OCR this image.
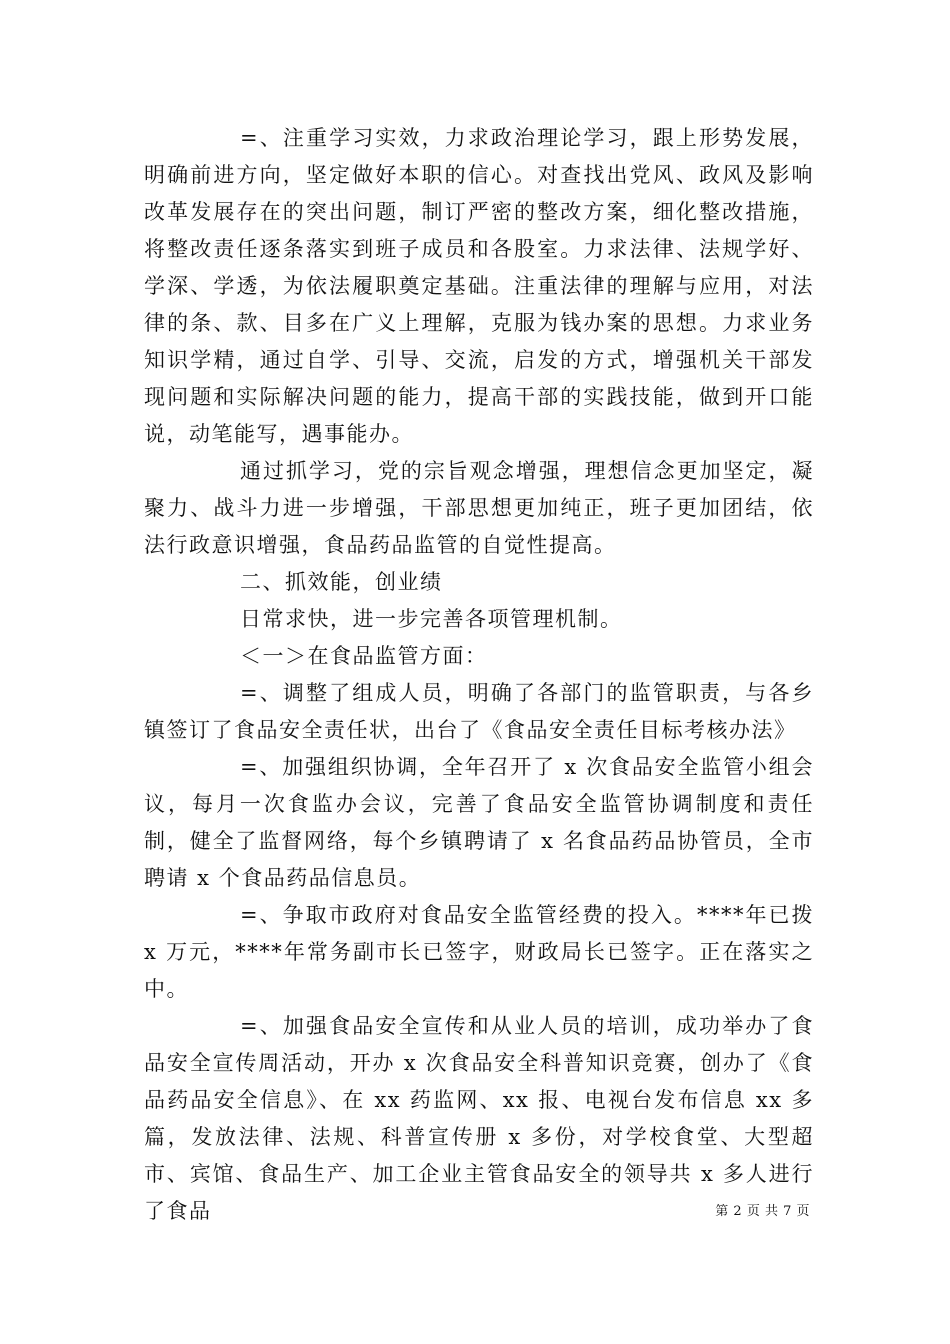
=、注重学习实效，力求政治理论学习，跟上形势发展，明确前进方向，坚定做好本职的信心。对查找出党风、政风及影响改革发展存在的突出问题，制订严密的整改方案，细化整改措施，将整改责任逐条落实到班子成员和各股室。力求法律、法规学好、学深、学透，为依法履职奠定基础。注重法律的理解与应用，对法律的条、款、目多在广义上理解，克服为钱办案的思想。力求业务知识学精，通过自学、引导、交流，启发的方式，增强机关干部发现问题和实际解决问题的能力，提高干部的实践技能，做到开口能说，动笔能写，遇事能办。

通过抓学习，党的宗旨观念增强，理想信念更加坚定，凝聚力、战斗力进一步增强，干部思想更加纯正，班子更加团结，依法行政意识增强，食品药品监管的自觉性提高。

二、抓效能，创业绩

日常求快，进一步完善各项管理机制。

＜一＞在食品监管方面：

=、调整了组成人员，明确了各部门的监管职责，与各乡镇签订了食品安全责任状，出台了《食品安全责任目标考核办法》

=、加强组织协调，全年召开了 x 次食品安全监管小组会议，每月一次食监办会议，完善了食品安全监管协调制度和责任制，健全了监督网络，每个乡镇聘请了 x 名食品药品协管员，全市聘请 x 个食品药品信息员。

=、争取市政府对食品安全监管经费的投入。****年已拨 x 万元，****年常务副市长已签字，财政局长已签字。正在落实之中。

=、加强食品安全宣传和从业人员的培训，成功举办了食品安全宣传周活动，开办 x 次食品安全科普知识竞赛，创办了《食品药品安全信息》、在 xx 药监网、xx 报、电视台发布信息 xx 多篇，发放法律、法规、科普宣传册 x 多份，对学校食堂、大型超市、宾馆、食品生产、加工企业主管食品安全的领导共 x 多人进行了食品	第 2 页 共 7 页
